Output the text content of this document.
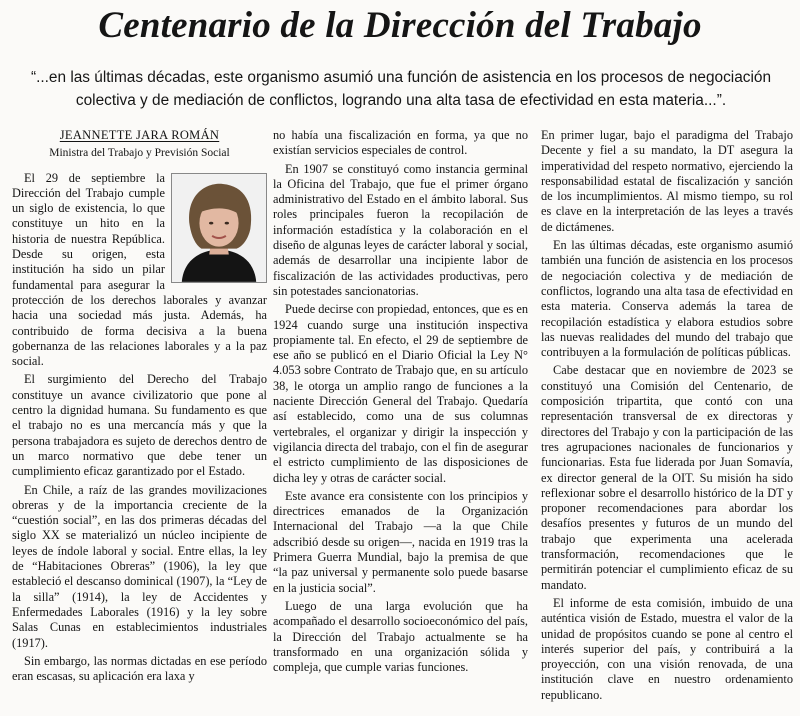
Centenario de la Dirección del Trabajo

“...en las últimas décadas, este organismo asumió una función de asistencia en los procesos de negociación colectiva y de mediación de conflictos, logrando una alta tasa de efectividad en esta materia...”.

JEANNETTE JARA ROMÁN
Ministra del Trabajo y Previsión Social

El 29 de septiembre la Dirección del Trabajo cumple un siglo de existencia, lo que constituye un hito en la historia de nuestra República. Desde su origen, esta institución ha sido un pilar fundamental para asegurar la protección de los derechos laborales y avanzar hacia una sociedad más justa. Además, ha contribuido de forma decisiva a la buena gobernanza de las relaciones laborales y a la paz social.

El surgimiento del Derecho del Trabajo constituye un avance civilizatorio que pone al centro la dignidad humana. Su fundamento es que el trabajo no es una mercancía más y que la persona trabajadora es sujeto de derechos dentro de un marco normativo que debe tener un cumplimiento eficaz garantizado por el Estado.

En Chile, a raíz de las grandes movilizaciones obreras y de la importancia creciente de la “cuestión social”, en las dos primeras décadas del siglo XX se materializó un núcleo incipiente de leyes de índole laboral y social. Entre ellas, la ley de “Habitaciones Obreras” (1906), la ley que estableció el descanso dominical (1907), la “Ley de la silla” (1914), la ley de Accidentes y Enfermedades Laborales (1916) y la ley sobre Salas Cunas en establecimientos industriales (1917).

Sin embargo, las normas dictadas en ese período eran escasas, su aplicación era laxa y

no había una fiscalización en forma, ya que no existían servicios especiales de control.

En 1907 se constituyó como instancia germinal la Oficina del Trabajo, que fue el primer órgano administrativo del Estado en el ámbito laboral. Sus roles principales fueron la recopilación de información estadística y la colaboración en el diseño de algunas leyes de carácter laboral y social, además de desarrollar una incipiente labor de fiscalización de las actividades productivas, pero sin potestades sancionatorias.

Puede decirse con propiedad, entonces, que es en 1924 cuando surge una institución inspectiva propiamente tal. En efecto, el 29 de septiembre de ese año se publicó en el Diario Oficial la Ley N° 4.053 sobre Contrato de Trabajo que, en su artículo 38, le otorga un amplio rango de funciones a la naciente Dirección General del Trabajo. Quedaría así establecido, como una de sus columnas vertebrales, el organizar y dirigir la inspección y vigilancia directa del trabajo, con el fin de asegurar el estricto cumplimiento de las disposiciones de dicha ley y otras de carácter social.

Este avance era consistente con los principios y directrices emanados de la Organización Internacional del Trabajo —a la que Chile adscribió desde su origen—, nacida en 1919 tras la Primera Guerra Mundial, bajo la premisa de que “la paz universal y permanente solo puede basarse en la justicia social”.

Luego de una larga evolución que ha acompañado el desarrollo socioeconómico del país, la Dirección del Trabajo actualmente se ha transformado en una organización sólida y compleja, que cumple varias funciones.

En primer lugar, bajo el paradigma del Trabajo Decente y fiel a su mandato, la DT asegura la imperatividad del respeto normativo, ejerciendo la responsabilidad estatal de fiscalización y sanción de los incumplimientos. Al mismo tiempo, su rol es clave en la interpretación de las leyes a través de dictámenes.

En las últimas décadas, este organismo asumió también una función de asistencia en los procesos de negociación colectiva y de mediación de conflictos, logrando una alta tasa de efectividad en esta materia. Conserva además la tarea de recopilación estadística y elabora estudios sobre las nuevas realidades del mundo del trabajo que contribuyen a la formulación de políticas públicas.

Cabe destacar que en noviembre de 2023 se constituyó una Comisión del Centenario, de composición tripartita, que contó con una representación transversal de ex directoras y directores del Trabajo y con la participación de las tres agrupaciones nacionales de funcionarios y funcionarias. Esta fue liderada por Juan Somavía, ex director general de la OIT. Su misión ha sido reflexionar sobre el desarrollo histórico de la DT y proponer recomendaciones para abordar los desafíos presentes y futuros de un mundo del trabajo que experimenta una acelerada transformación, recomendaciones que le permitirán potenciar el cumplimiento eficaz de su mandato.

El informe de esta comisión, imbuido de una auténtica visión de Estado, muestra el valor de la unidad de propósitos cuando se pone al centro el interés superior del país, y contribuirá a la proyección, con una visión renovada, de una institución clave en nuestro ordenamiento republicano.
